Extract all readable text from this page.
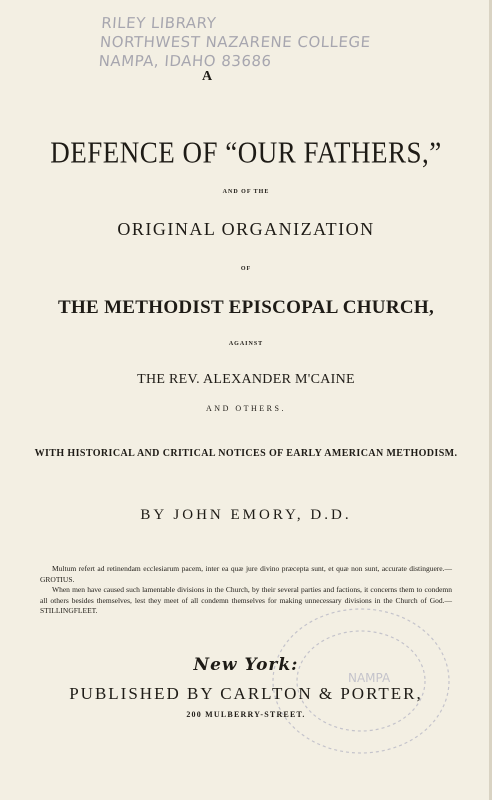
RILEY LIBRARY
NORTHWEST NAZARENE COLLEGE
NAMPA, IDAHO 83686
A
DEFENCE OF “OUR FATHERS,”
AND OF THE
ORIGINAL ORGANIZATION
OF
THE METHODIST EPISCOPAL CHURCH,
AGAINST
THE REV. ALEXANDER M'CAINE
AND OTHERS.
WITH HISTORICAL AND CRITICAL NOTICES OF EARLY AMERICAN METHODISM.
BY JOHN EMORY, D.D.

Multum refert ad retinendam ecclesiarum pacem, inter ea quæ jure divino præcepta sunt, et quæ non sunt, accurate distinguere.—GROTIUS.

When men have caused such lamentable divisions in the Church, by their several parties and factions, it concerns them to condemn all others besides themselves, lest they meet of all condemn themselves for making unnecessary divisions in the Church of God.—STILLINGFLEET.

NAMPA
New York:
PUBLISHED BY CARLTON & PORTER,
200 MULBERRY-STREET.
